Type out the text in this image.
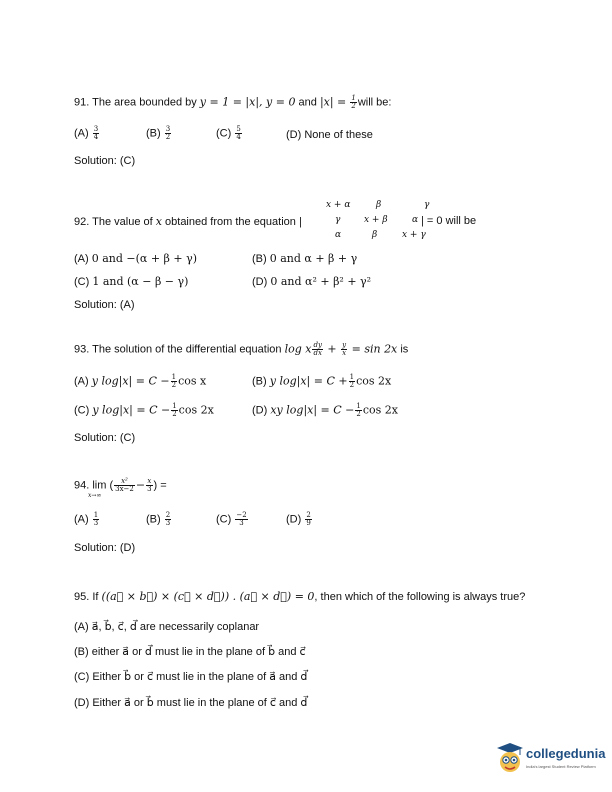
91. The area bounded by y = 1 = |x|, y = 0 and $|x| = \frac{1}{2}$ will be:
$(A) \frac{3}{4}$	$(B) \frac{3}{2}$	$(C) \frac{5}{4}$	(D) None of these
Solution: (C)
92. The value of x obtained from the equation |
x + α	β	γ
γ	x + β	α
α	β	x + γ
| = 0 will be
(A) 0 and −(α + β + γ)	(B) 0 and α + β + γ
(C) 1 and (α − β − γ)	(D) 0 and α² + β² + γ²
Solution: (A)
93. The solution of the differential equation log x $\frac{dy}{dx} + \frac{y}{x} = \sin 2x$ is
(A) y $\log|x| = C - \frac{1}{2}$ cos x	(B) y $\log|x| = C + \frac{1}{2}$ cos 2x
(C) y $\log|x| = C - \frac{1}{2}$ cos 2x	(D) xy $\log|x| = C - \frac{1}{2}$ cos 2x
Solution: (C)
94. lim ( $\frac{\text{x²}}{3x-2} - \frac{x}{3}$ ) =
x→∞
$(A) \frac{1}{3}$	$(B) \frac{2}{3}$	$(C) \frac{-2}{3}$	$(D) \frac{2}{9}$
Solution: (D)
95. If ((a⃗ × b⃗) × (c⃗ × d⃗)) . (a⃗ × d⃗) = 0, then which of the following is always true?
(A) a⃗, b⃗, c⃗, d⃗ are necessarily coplanar
(B) either a⃗ or d⃗ must lie in the plane of b⃗ and c⃗
(C) Either b⃗ or c⃗ must lie in the plane of a⃗ and d⃗
(D) Either a⃗ or b⃗ must lie in the plane of c⃗ and d⃗
collegedunia
India's largest Student Review Platform
